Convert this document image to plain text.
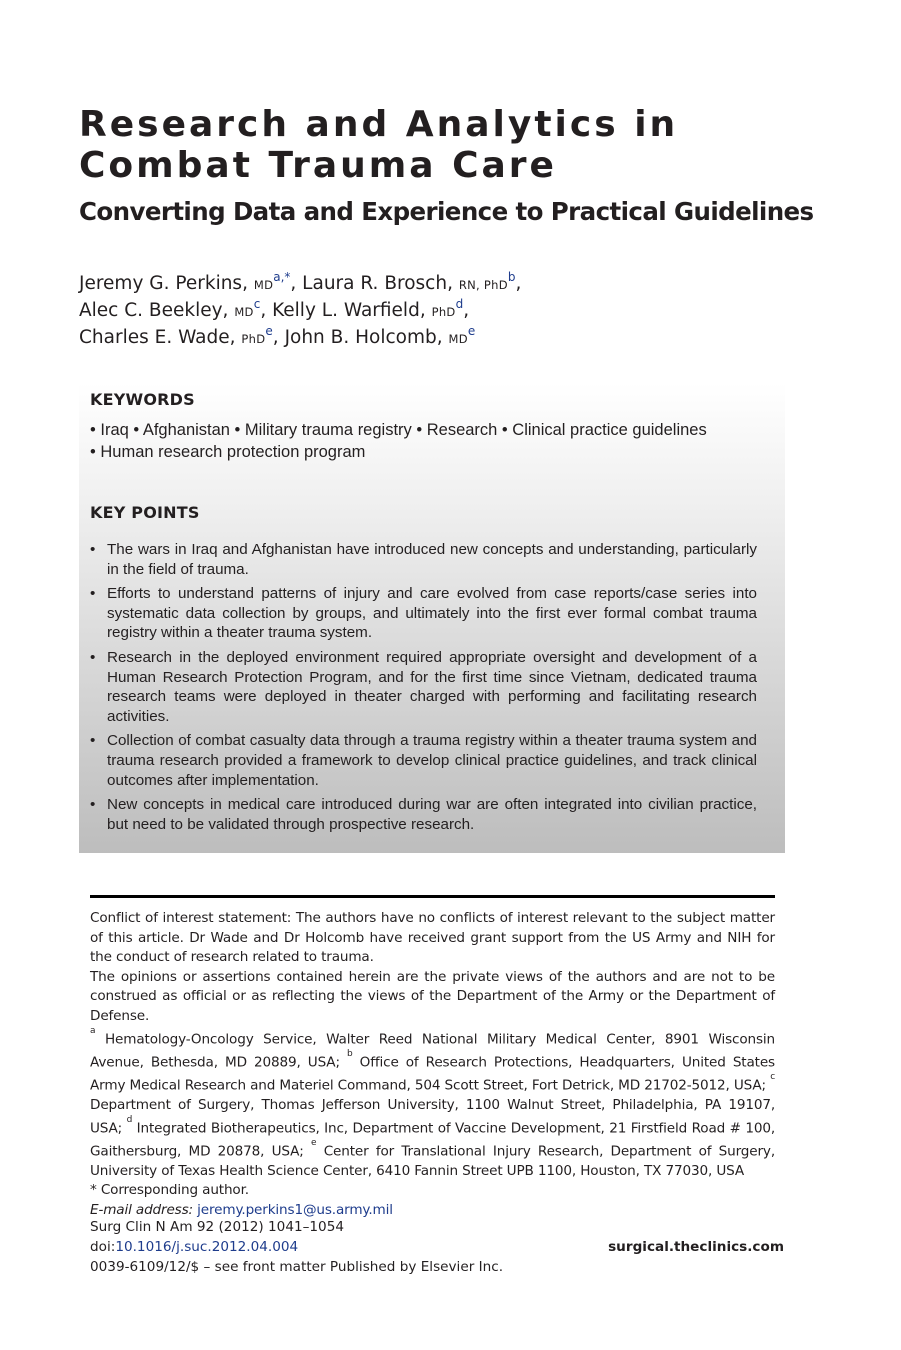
Research and Analytics in Combat Trauma Care
Converting Data and Experience to Practical Guidelines
Jeremy G. Perkins, $MD^{a,*}$, Laura R. Brosch, RN, PhD$^b$,
Alec C. Beekley, $MD^c$, Kelly L. Warfield, PhD$^d$,
Charles E. Wade, PhD$^e$, John B. Holcomb, MDe
KEYWORDS
• Iraq • Afghanistan • Military trauma registry • Research • Clinical practice guidelines
• Human research protection program
KEY POINTS
• The wars in Iraq and Afghanistan have introduced new concepts and understanding, particularly in the field of trauma.
• Efforts to understand patterns of injury and care evolved from case reports/case series into systematic data collection by groups, and ultimately into the first ever formal combat trauma registry within a theater trauma system.
• Research in the deployed environment required appropriate oversight and development of a Human Research Protection Program, and for the first time since Vietnam, dedicated trauma research teams were deployed in theater charged with performing and facilitating research activities.
• Collection of combat casualty data through a trauma registry within a theater trauma system and trauma research provided a framework to develop clinical practice guidelines, and track clinical outcomes after implementation.
• New concepts in medical care introduced during war are often integrated into civilian practice, but need to be validated through prospective research.

Conflict of interest statement: The authors have no conflicts of interest relevant to the subject matter of this article. Dr Wade and Dr Holcomb have received grant support from the US Army and NIH for the conduct of research related to trauma.

The opinions or assertions contained herein are the private views of the authors and are not to be construed as official or as reflecting the views of the Department of the Army or the Department of Defense.

$^a$ Hematology-Oncology Service, Walter Reed National Military Medical Center, 8901 Wisconsin Avenue, Bethesda, MD 20889, USA; $^b$ Office of Research Protections, Headquarters, United States Army Medical Research and Materiel Command, 504 Scott Street, Fort Detrick, MD 21702-5012, USA; $^c$ Department of Surgery, Thomas Jefferson University, 1100 Walnut Street, Philadelphia, PA 19107, USA; $^d$ Integrated Biotherapeutics, Inc, Department of Vaccine Development, 21 Firstfield Road # 100, Gaithersburg, MD 20878, USA; $^e$ Center for Translational Injury Research, Department of Surgery, University of Texas Health Science Center, 6410 Fannin Street UPB 1100, Houston, TX 77030, USA

* Corresponding author.

E-mail address: jeremy.perkins1@us.army.mil

Surg Clin N Am 92 (2012) 1041–1054
doi:10.1016/j.suc.2012.04.004
0039-6109/12/$ – see front matter Published by Elsevier Inc.
surgical.theclinics.com
